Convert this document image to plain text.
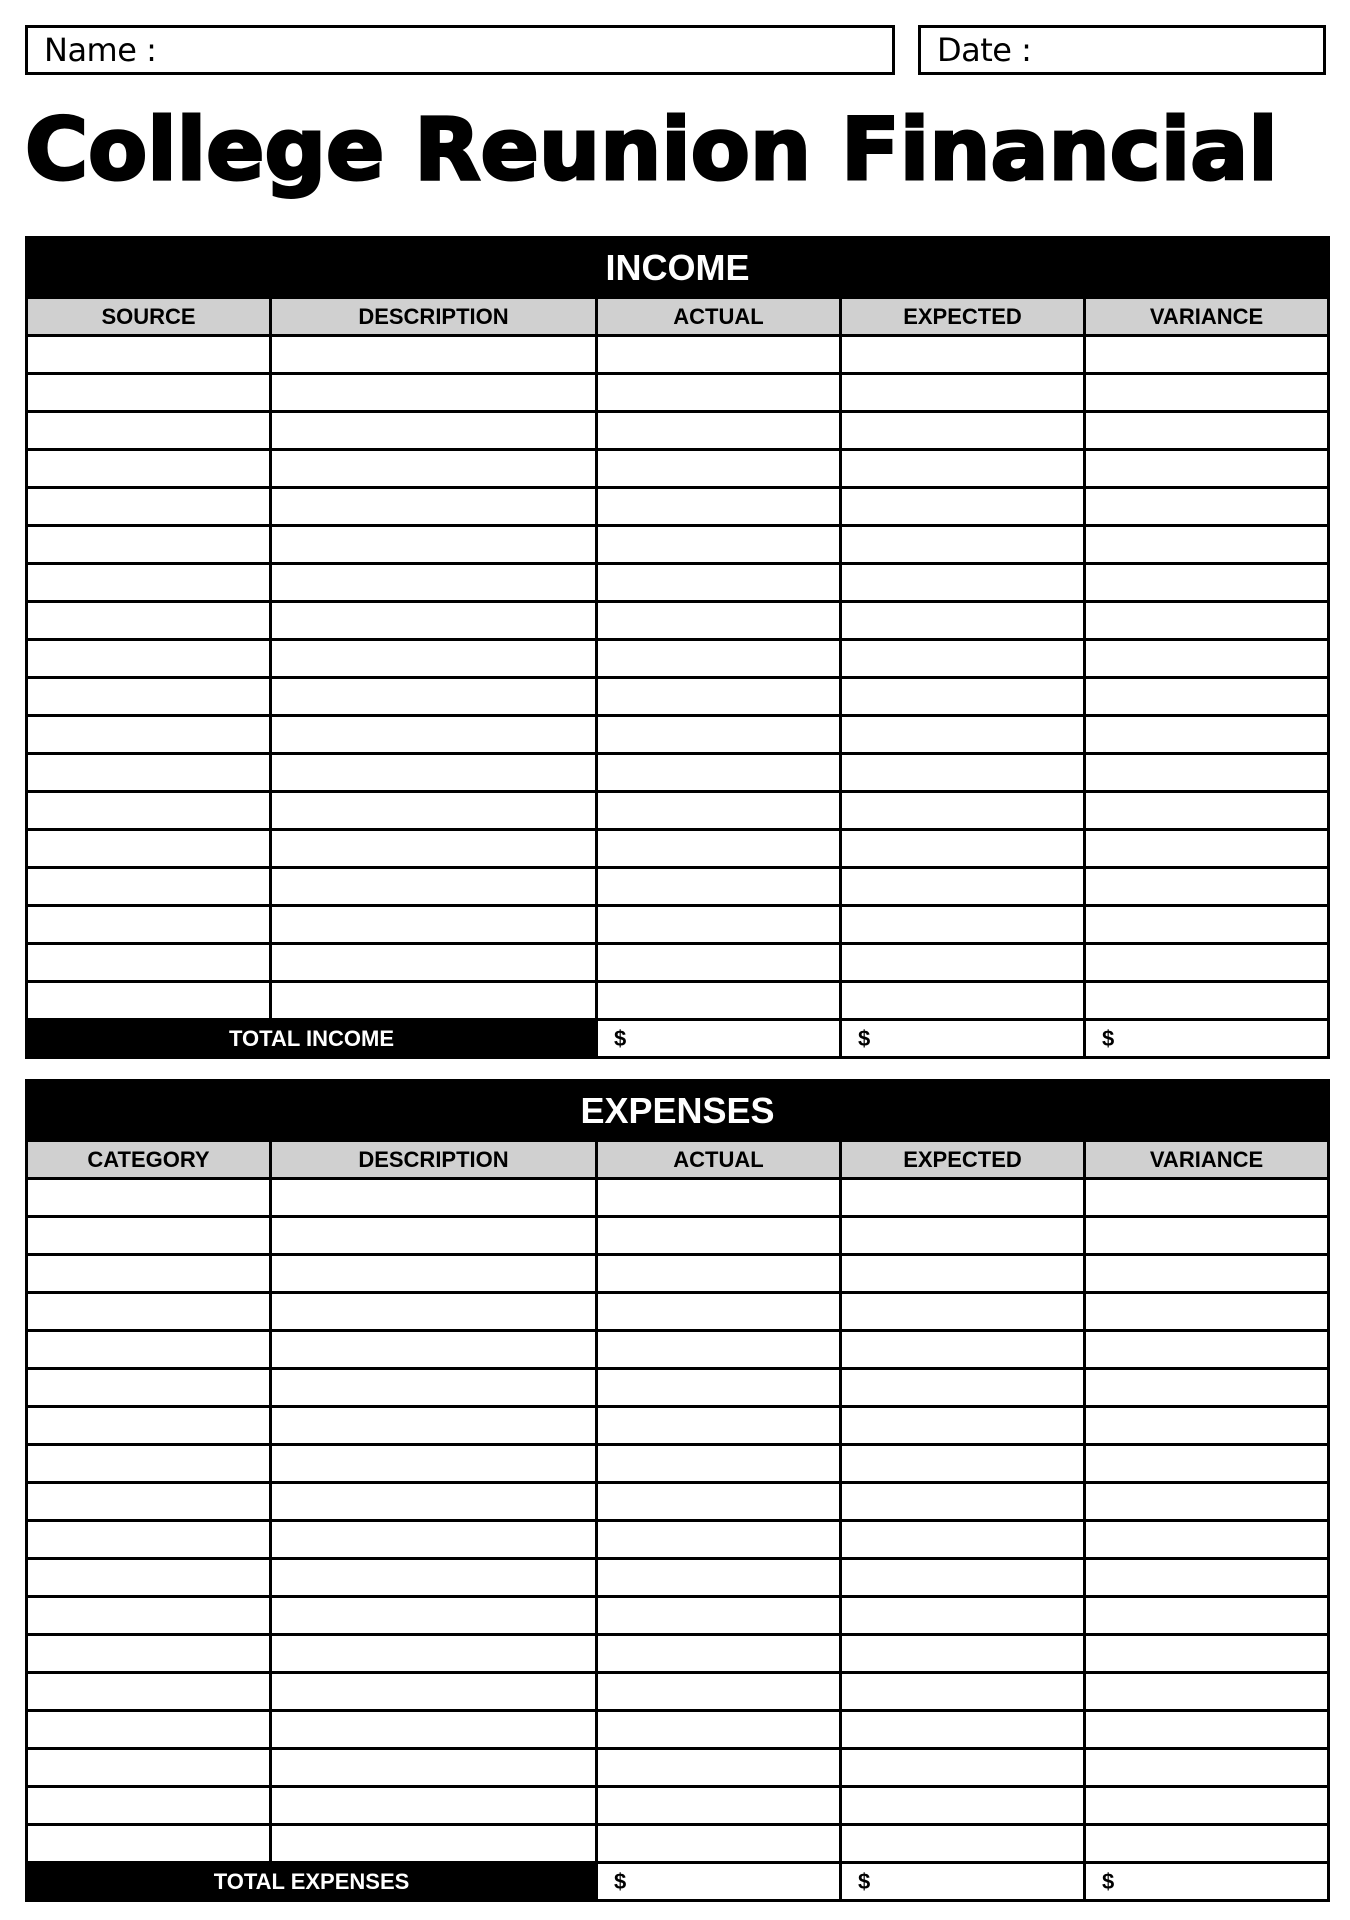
Name :	Date :
College Reunion Financial
INCOME				
SOURCE	DESCRIPTION	ACTUAL	EXPECTED	VARIANCE

TOTAL INCOME		$	$	$
EXPENSES				
CATEGORY	DESCRIPTION	ACTUAL	EXPECTED	VARIANCE

TOTAL EXPENSES		$	$	$
